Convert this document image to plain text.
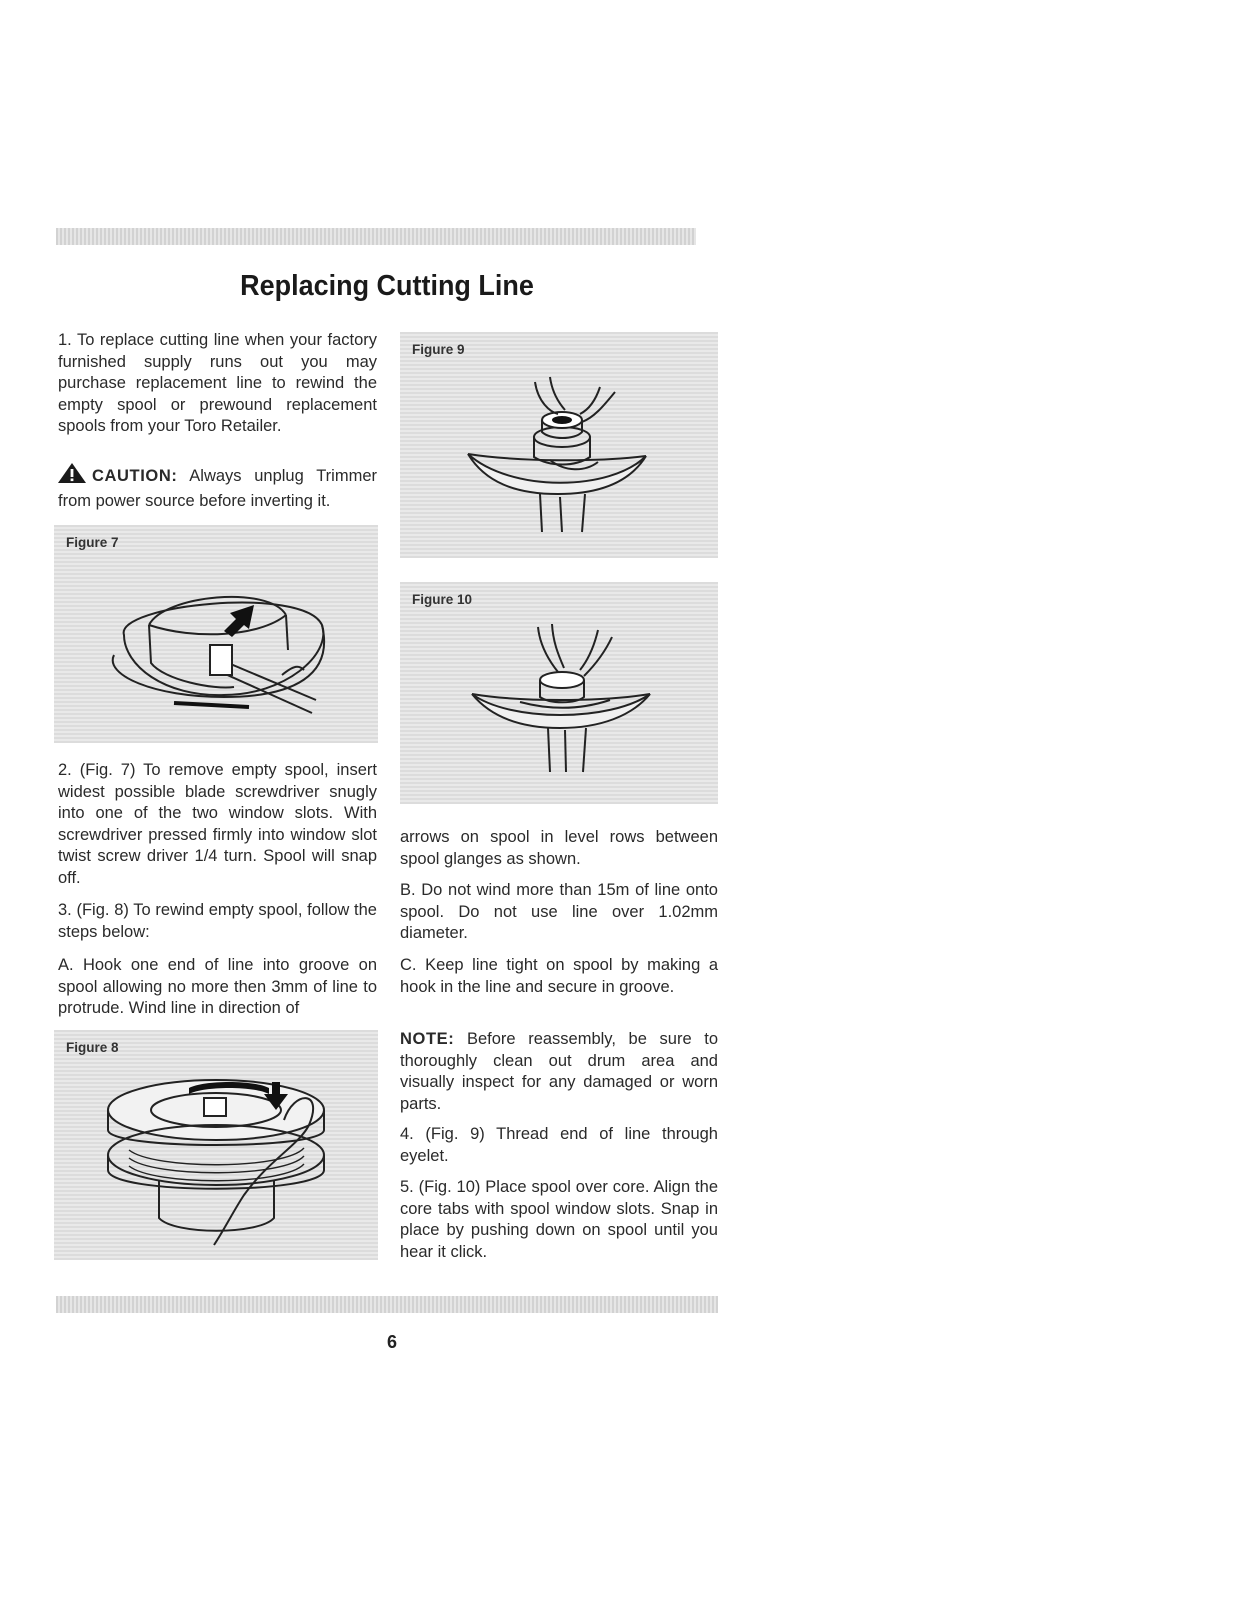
Replacing Cutting Line

1. To replace cutting line when your factory furnished supply runs out you may purchase replacement line to rewind the empty spool or prewound replacement spools from your Toro Retailer.

CAUTION: Always unplug Trimmer from power source before inverting it.

Figure 7

2. (Fig. 7) To remove empty spool, insert widest possible blade screwdriver snugly into one of the two window slots. With screwdriver pressed firmly into window slot twist screw driver 1/4 turn. Spool will snap off.

3. (Fig. 8) To rewind empty spool, follow the steps below:

A. Hook one end of line into groove on spool allowing no more then 3mm of line to protrude. Wind line in direction of

Figure 8
Figure 9
Figure 10

arrows on spool in level rows between spool glanges as shown.

B. Do not wind more than 15m of line onto spool. Do not use line over 1.02mm diameter.

C. Keep line tight on spool by making a hook in the line and secure in groove.

NOTE: Before reassembly, be sure to thoroughly clean out drum area and visually inspect for any damaged or worn parts.

4. (Fig. 9) Thread end of line through eyelet.

5. (Fig. 10) Place spool over core. Align the core tabs with spool window slots. Snap in place by pushing down on spool until you hear it click.

6
